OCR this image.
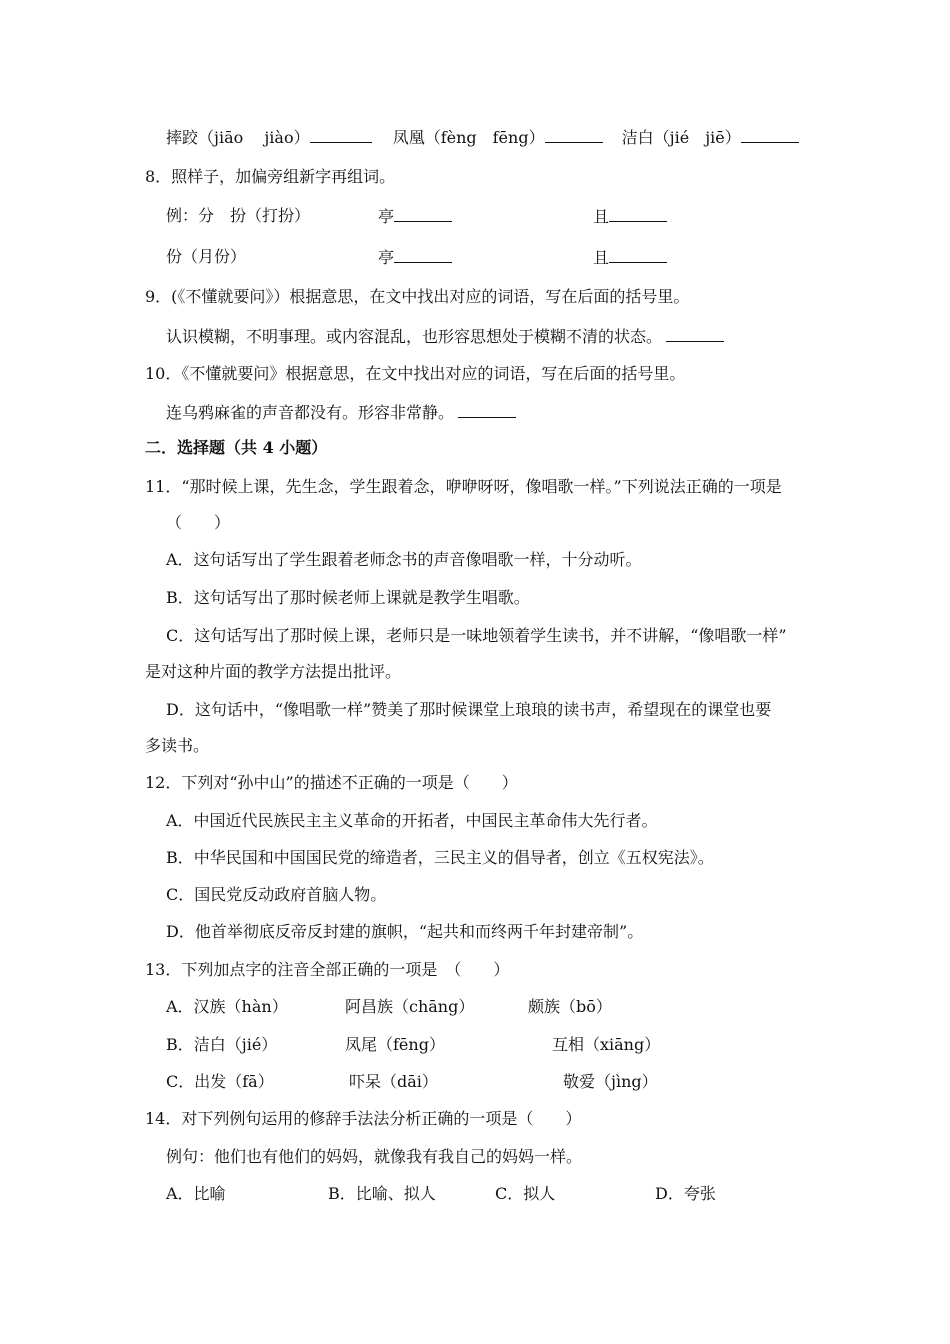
摔跤（jiāo　 jiào）	凤凰（fèng　fēng）	洁白（jié　jiē）
8．照样子，加偏旁组新字再组词。
例：分　扮（打扮）	亭	且
份（月份）	亭	且
9．(《不懂就要问》）根据意思，在文中找出对应的词语，写在后面的括号里。
认识模糊，不明事理。或内容混乱，也形容思想处于模糊不清的状态。
10．《不懂就要问》根据意思，在文中找出对应的词语，写在后面的括号里。
连乌鸦麻雀的声音都没有。形容非常静。
二．选择题（共 4 小题）
11．“那时候上课，先生念，学生跟着念，咿咿呀呀，像唱歌一样。”下列说法正确的一项是
（　　）
A．这句话写出了学生跟着老师念书的声音像唱歌一样，十分动听。
B．这句话写出了那时候老师上课就是教学生唱歌。
C．这句话写出了那时候上课，老师只是一味地领着学生读书，并不讲解，“像唱歌一样”
是对这种片面的教学方法提出批评。
D．这句话中，“像唱歌一样”赞美了那时候课堂上琅琅的读书声，希望现在的课堂也要
多读书。
12．下列对“孙中山”的描述不正确的一项是（　　）
A．中国近代民族民主主义革命的开拓者，中国民主革命伟大先行者。
B．中华民国和中国国民党的缔造者，三民主义的倡导者，创立《五权宪法》。
C．国民党反动政府首脑人物。
D．他首举彻底反帝反封建的旗帜，“起共和而终两千年封建帝制”。
13．下列加点字的注音全部正确的一项是　（　　）
A．汉族（hàn）	阿昌族（chāng）	颇族（bō）
B．洁白（jié）	凤尾（fēng）	互相（xiāng）
C．出发（fā）	吓呆（dāi）	敬爱（jìng）
14．对下列例句运用的修辞手法法分析正确的一项是（　　）
例句：他们也有他们的妈妈，就像我有我自己的妈妈一样。
A．比喻	B．比喻、拟人	C．拟人	D．夸张
